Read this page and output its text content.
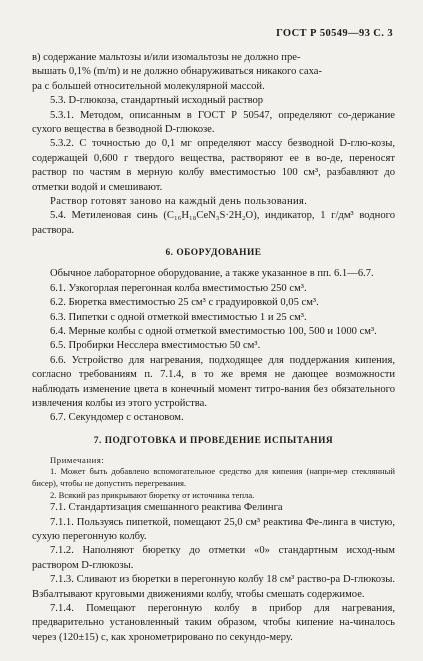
ГОСТ Р 50549—93 С. 3

в) содержание мальтозы и/или изомальтозы не должно пре-

вышать 0,1% (m/m) и не должно обнаруживаться никакого саха-

ра с большей относительной молекулярной массой.

5.3. D-глюкоза, стандартный исходный раствор

5.3.1. Методом, описанным в ГОСТ Р 50547, определяют со-держание сухого вещества в безводной D-глюкозе.

5.3.2. С точностью до 0,1 мг определяют массу безводной D-глю-козы, содержащей 0,600 г твердого вещества, растворяют ее в во-де, переносят раствор по частям в мерную колбу вместимостью 100 см³, разбавляют до отметки водой и смешивают.

Раствор готовят заново на каждый день пользования.

5.4. Метиленовая синь (C₁₆H₁₈CeN₃S·2H₂O), индикатор, 1 г/дм³ водного раствора.

6. ОБОРУДОВАНИЕ

Обычное лабораторное оборудование, а также указанное в пп. 6.1—6.7.

6.1. Узкогорлая перегонная колба вместимостью 250 см³.

6.2. Бюретка вместимостью 25 см³ с градуировкой 0,05 см³.

6.3. Пипетки с одной отметкой вместимостью 1 и 25 см³.

6.4. Мерные колбы с одной отметкой вместимостью 100, 500 и 1000 см³.

6.5. Пробирки Несслера вместимостью 50 см³.

6.6. Устройство для нагревания, подходящее для поддержания кипения, согласно требованиям п. 7.1.4, в то же время не дающее возможности наблюдать изменение цвета в конечный момент титро-вания без обязательного извлечения колбы из этого устройства.

6.7. Секундомер с остановом.

7. ПОДГОТОВКА И ПРОВЕДЕНИЕ ИСПЫТАНИЯ

Примечания:

1. Может быть добавлено вспомогательное средство для кипения (напри-мер стеклянный бисер), чтобы не допустить перегревания.

2. Всякий раз прикрывают бюретку от источника тепла.

7.1. Стандартизация смешанного реактива Фелинга

7.1.1. Пользуясь пипеткой, помещают 25,0 см³ реактива Фе-линга в чистую, сухую перегонную колбу.

7.1.2. Наполняют бюретку до отметки «0» стандартным исход-ным раствором D-глюкозы.

7.1.3. Сливают из бюретки в перегонную колбу 18 см³ раство-ра D-глюкозы. Взбалтывают круговыми движениями колбу, чтобы смешать содержимое.

7.1.4. Помещают перегонную колбу в прибор для нагревания, предварительно установленный таким образом, чтобы кипение на-чиналось через (120±15) с, как хронометрировано по секундо-меру.
